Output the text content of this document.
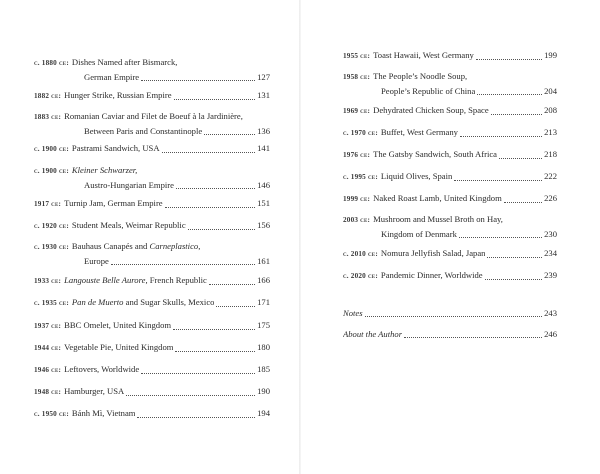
c. 1880 ce: Dishes Named after Bismarck,
German Empire	127
1882 ce: Hunger Strike, Russian Empire	131
1883 ce: Romanian Caviar and Filet de Boeuf à la Jardinière,
Between Paris and Constantinople	136
c. 1900 ce: Pastrami Sandwich, USA	141
c. 1900 ce: Kleiner Schwarzer,
Austro-Hungarian Empire	146
1917 ce: Turnip Jam, German Empire	151
c. 1920 ce: Student Meals, Weimar Republic	156
c. 1930 ce: Bauhaus Canapés and Carneplastico,
Europe	161
1933 ce: Langouste Belle Aurore, French Republic	166
c. 1935 ce: Pan de Muerto and Sugar Skulls, Mexico	171
1937 ce: BBC Omelet, United Kingdom	175
1944 ce: Vegetable Pie, United Kingdom	180
1946 ce: Leftovers, Worldwide	185
1948 ce: Hamburger, USA	190
c. 1950 ce: Bánh Mì, Vietnam	194
1955 ce: Toast Hawaii, West Germany	199
1958 ce: The People’s Noodle Soup,
People’s Republic of China	204
1969 ce: Dehydrated Chicken Soup, Space	208
c. 1970 ce: Buffet, West Germany	213
1976 ce: The Gatsby Sandwich, South Africa	218
c. 1995 ce: Liquid Olives, Spain	222
1999 ce: Naked Roast Lamb, United Kingdom	226
2003 ce: Mushroom and Mussel Broth on Hay,
Kingdom of Denmark	230
c. 2010 ce: Nomura Jellyfish Salad, Japan	234
c. 2020 ce: Pandemic Dinner, Worldwide	239
Notes	243
About the Author	246
